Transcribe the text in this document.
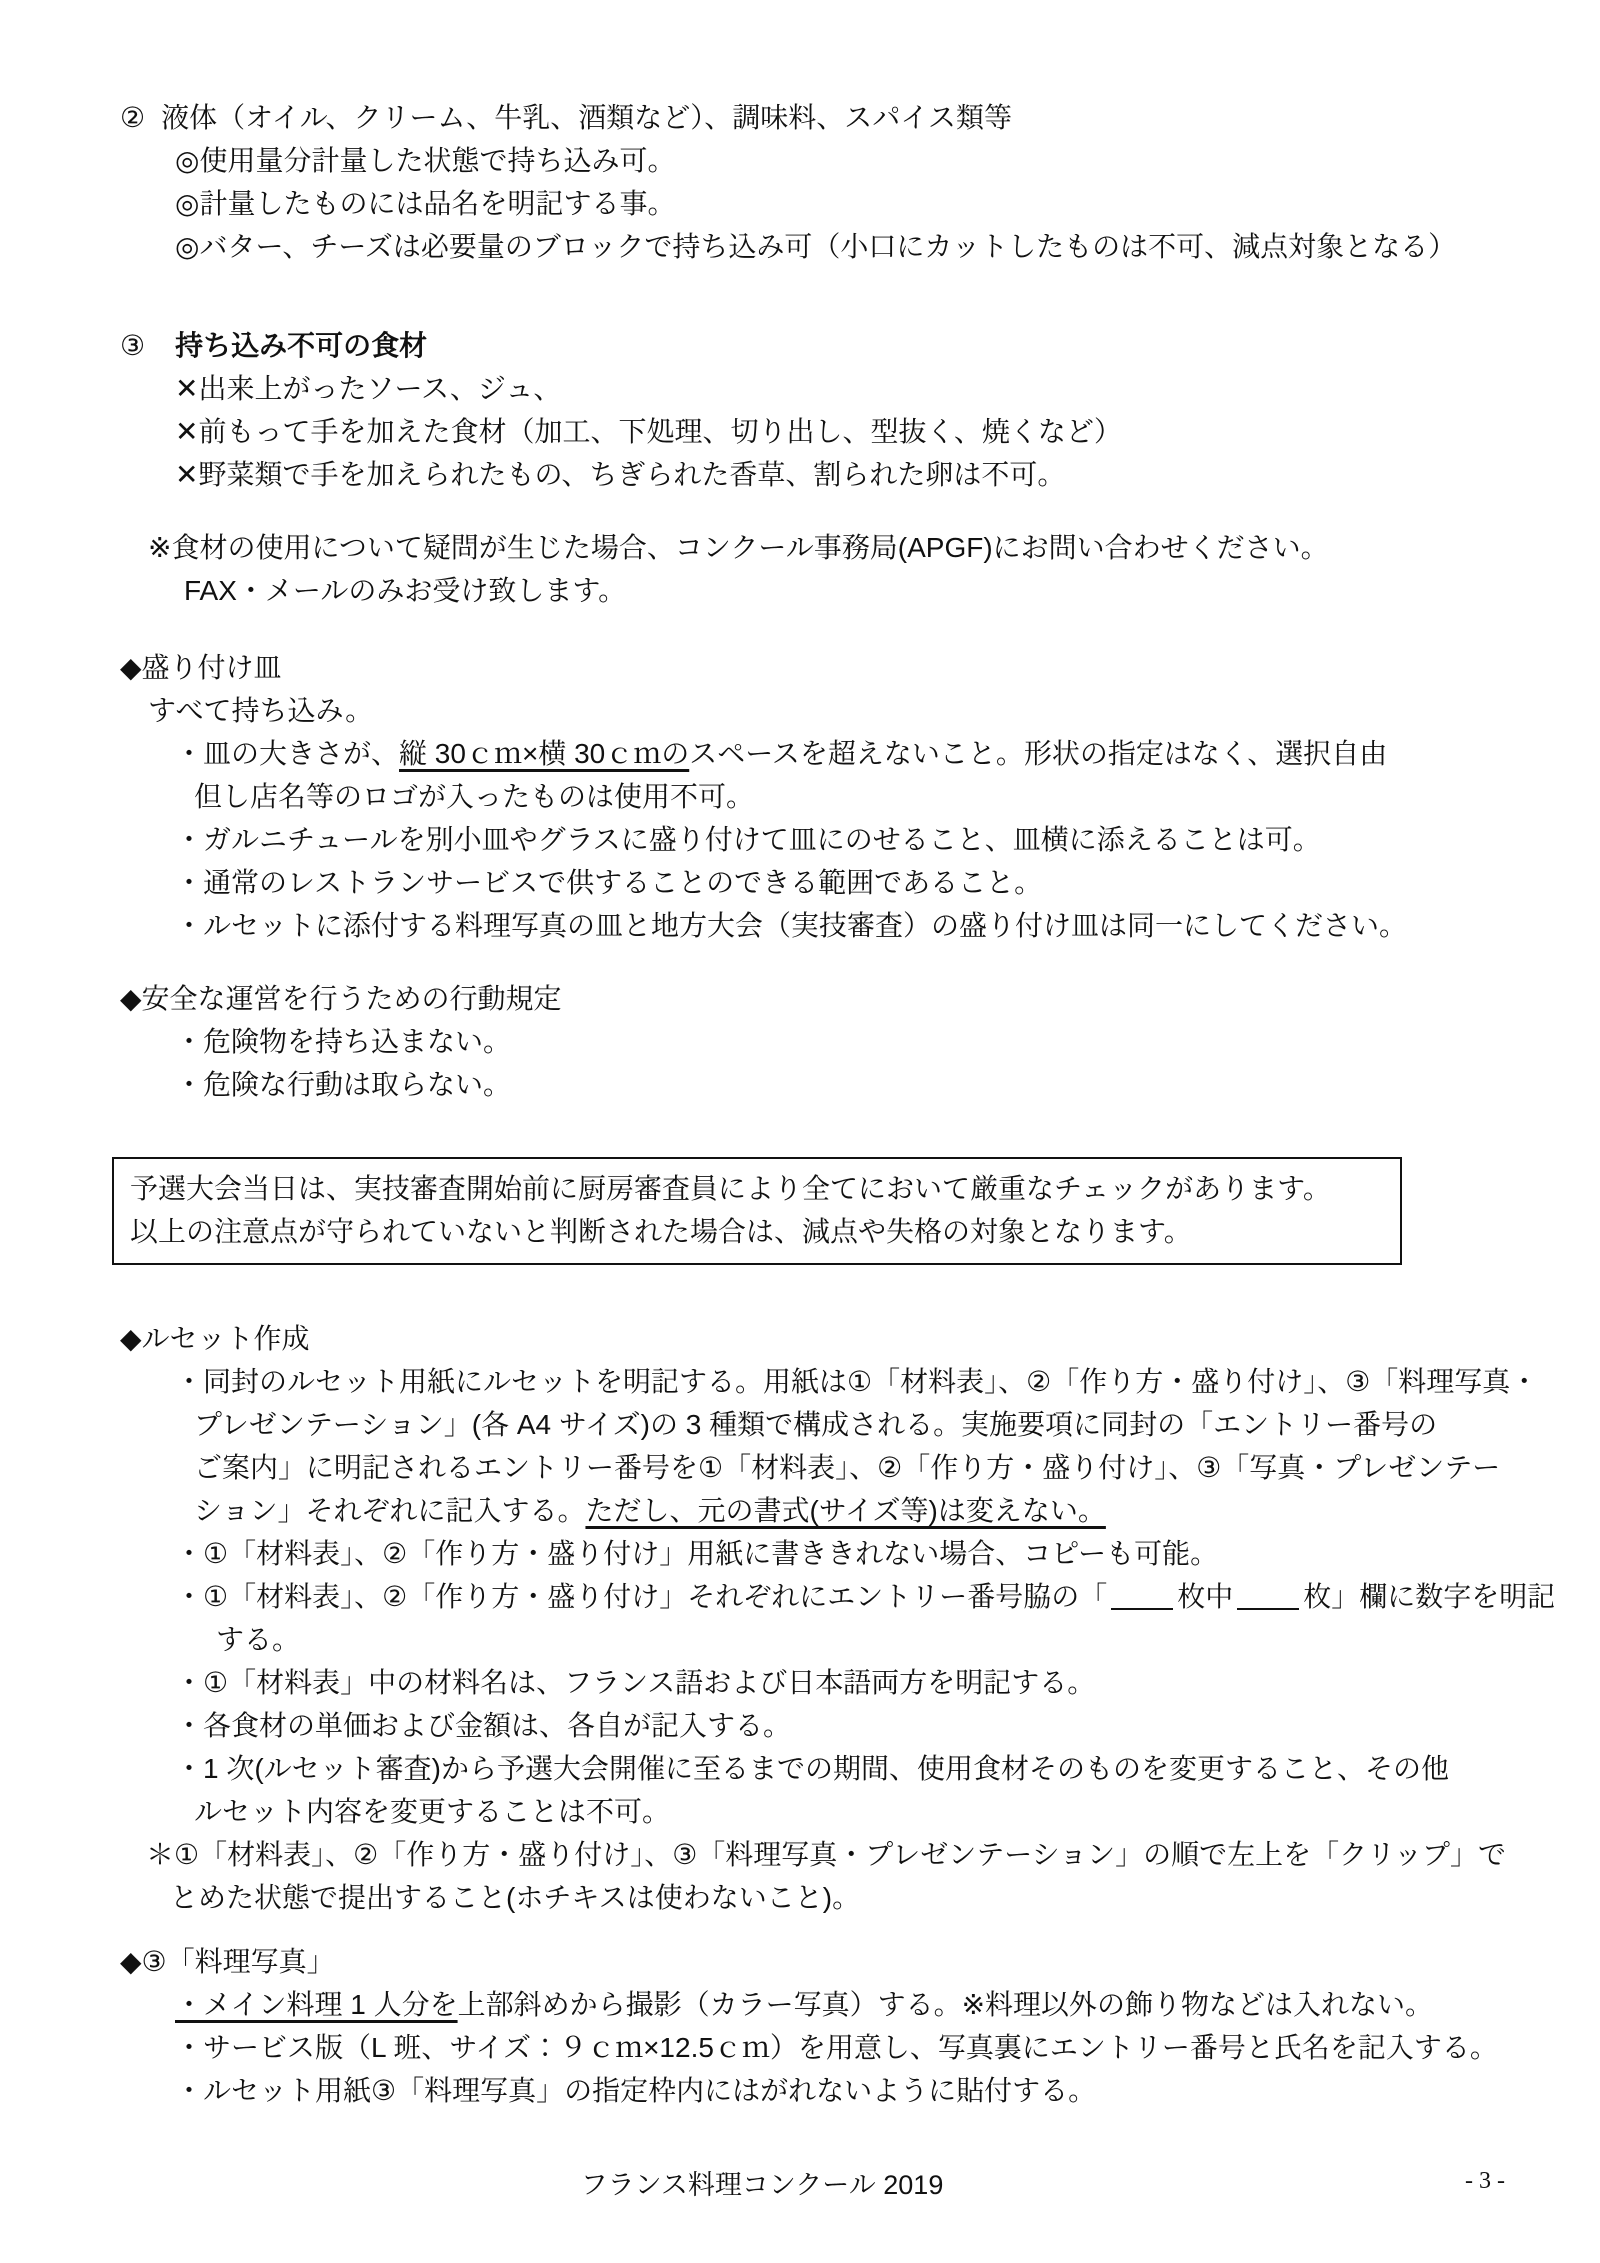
② 液体（オイル、クリーム、牛乳、酒類など）、調味料、スパイス類等
◎使用量分計量した状態で持ち込み可。
◎計量したものには品名を明記する事。
◎バター、チーズは必要量のブロックで持ち込み可（小口にカットしたものは不可、減点対象となる）
③ 持ち込み不可の食材
✕出来上がったソース、ジュ、
✕前もって手を加えた食材（加工、下処理、切り出し、型抜く、焼くなど）
✕野菜類で手を加えられたもの、ちぎられた香草、割られた卵は不可。
※食材の使用について疑問が生じた場合、コンクール事務局(APGF)にお問い合わせください。
FAX・メールのみお受け致します。
◆盛り付け皿
すべて持ち込み。
・皿の大きさが、縦 30ｃｍ×横 30ｃｍのスペースを超えないこと。形状の指定はなく、選択自由
但し店名等のロゴが入ったものは使用不可。
・ガルニチュールを別小皿やグラスに盛り付けて皿にのせること、皿横に添えることは可。
・通常のレストランサービスで供することのできる範囲であること。
・ルセットに添付する料理写真の皿と地方大会（実技審査）の盛り付け皿は同一にしてください。
◆安全な運営を行うための行動規定
・危険物を持ち込まない。
・危険な行動は取らない。
予選大会当日は、実技審査開始前に厨房審査員により全てにおいて厳重なチェックがあります。
以上の注意点が守られていないと判断された場合は、減点や失格の対象となります。
◆ルセット作成
・同封のルセット用紙にルセットを明記する。用紙は①「材料表」、②「作り方・盛り付け」、③「料理写真・
プレゼンテーション」(各 A4 サイズ)の 3 種類で構成される。実施要項に同封の「エントリー番号の
ご案内」に明記されるエントリー番号を①「材料表」、②「作り方・盛り付け」、③「写真・プレゼンテー
ション」それぞれに記入する。ただし、元の書式(サイズ等)は変えない。
・①「材料表」、②「作り方・盛り付け」用紙に書ききれない場合、コピーも可能。
・①「材料表」、②「作り方・盛り付け」それぞれにエントリー番号脇の「	枚中	枚」欄に数字を明記
する。
・①「材料表」中の材料名は、フランス語および日本語両方を明記する。
・各食材の単価および金額は、各自が記入する。
・1 次(ルセット審査)から予選大会開催に至るまでの期間、使用食材そのものを変更すること、その他
ルセット内容を変更することは不可。
＊①「材料表」、②「作り方・盛り付け」、③「料理写真・プレゼンテーション」の順で左上を「クリップ」で
とめた状態で提出すること(ホチキスは使わないこと)。
◆③「料理写真」
・メイン料理 1 人分を上部斜めから撮影（カラー写真）する。※料理以外の飾り物などは入れない。
・サービス版（L 班、サイズ：９ｃｍ×12.5ｃｍ）を用意し、写真裏にエントリー番号と氏名を記入する。
・ルセット用紙③「料理写真」の指定枠内にはがれないように貼付する。
フランス料理コンクール 2019	- 3 -
